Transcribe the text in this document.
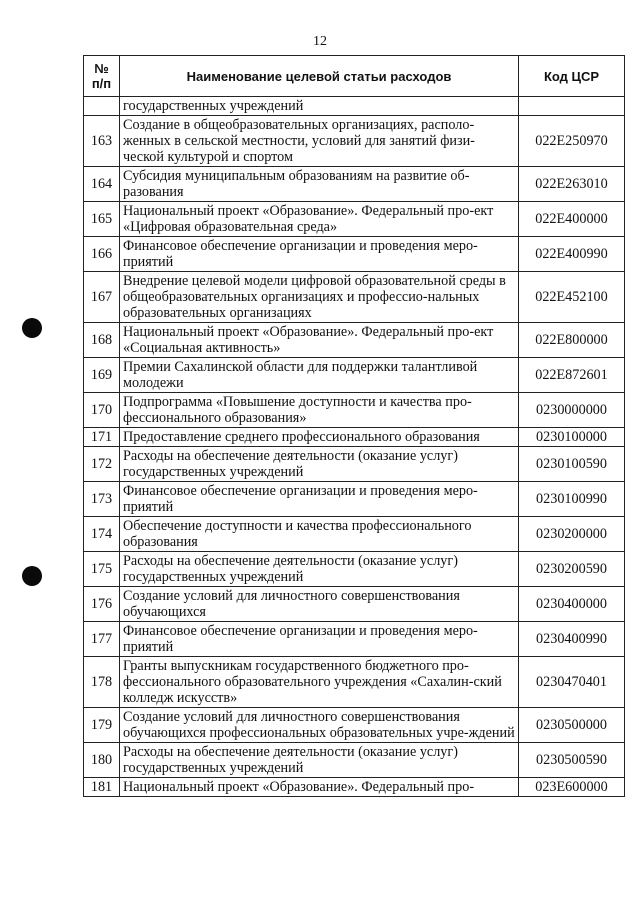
12
№
п/п	Наименование целевой статьи расходов	Код ЦСР
	государственных учреждений	
163	Создание в общеобразовательных организациях, располо-женных в сельской местности, условий для занятий физи-ческой культурой и спортом	022E250970
164	Субсидия муниципальным образованиям на развитие об-разования	022E263010
165	Национальный проект «Образование». Федеральный про-ект «Цифровая образовательная среда»	022E400000
166	Финансовое обеспечение организации и проведения меро-приятий	022E400990
167	Внедрение целевой модели цифровой образовательной среды в общеобразовательных организациях и профессио-нальных образовательных организациях	022E452100
168	Национальный проект «Образование». Федеральный про-ект «Социальная активность»	022E800000
169	Премии Сахалинской области для поддержки талантливой молодежи	022E872601
170	Подпрограмма «Повышение доступности и качества про-фессионального образования»	0230000000
171	Предоставление среднего профессионального образования	0230100000
172	Расходы на обеспечение деятельности (оказание услуг) государственных учреждений	0230100590
173	Финансовое обеспечение организации и проведения меро-приятий	0230100990
174	Обеспечение доступности и качества профессионального образования	0230200000
175	Расходы на обеспечение деятельности (оказание услуг) государственных учреждений	0230200590
176	Создание условий для личностного совершенствования обучающихся	0230400000
177	Финансовое обеспечение организации и проведения меро-приятий	0230400990
178	Гранты выпускникам государственного бюджетного про-фессионального образовательного учреждения «Сахалин-ский колледж искусств»	0230470401
179	Создание условий для личностного совершенствования обучающихся профессиональных образовательных учре-ждений	0230500000
180	Расходы на обеспечение деятельности (оказание услуг) государственных учреждений	0230500590
181	Национальный проект «Образование». Федеральный про-	023E600000
